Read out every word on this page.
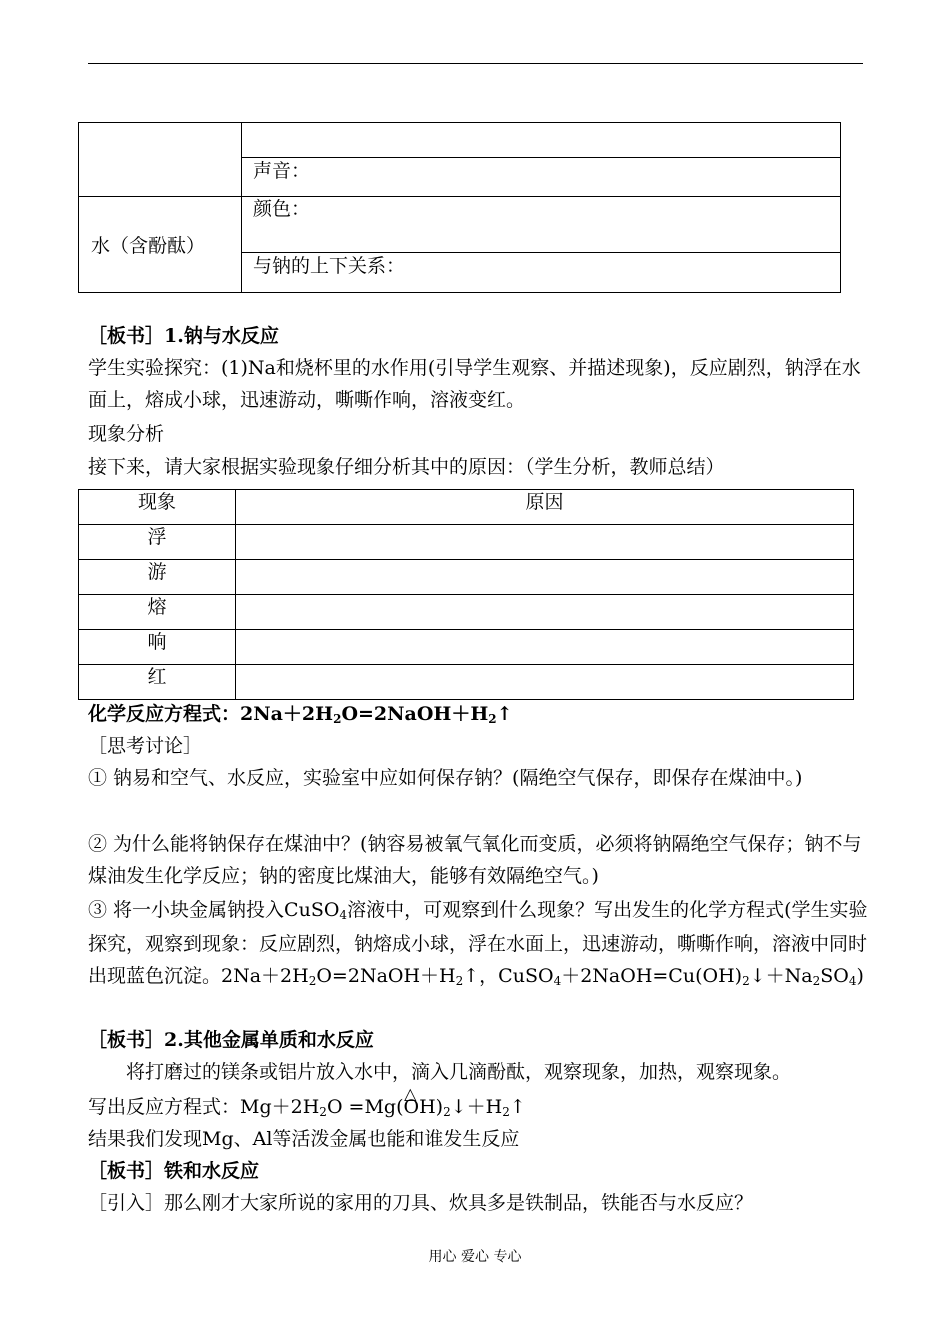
	声音：
水（含酚酞）	颜色：
	与钠的上下关系：

［板书］1.钠与水反应

学生实验探究：(1)Na和烧杯里的水作用(引导学生观察、并描述现象)，反应剧烈，钠浮在水面上，熔成小球，迅速游动，嘶嘶作响，溶液变红。

现象分析

接下来，请大家根据实验现象仔细分析其中的原因：（学生分析，教师总结）

现象	原因
浮	
游	
熔	
响	
红	

化学反应方程式：$2Na+2H_2O=2NaOH+H_2↑$

［思考讨论］

① 钠易和空气、水反应，实验室中应如何保存钠？(隔绝空气保存，即保存在煤油中。)

② 为什么能将钠保存在煤油中？(钠容易被氧气氧化而变质，必须将钠隔绝空气保存；钠不与煤油发生化学反应；钠的密度比煤油大，能够有效隔绝空气。)

③ 将一小块金属钠投入CuSO$_4$溶液中，可观察到什么现象？写出发生的化学方程式(学生实验探究，观察到现象：反应剧烈，钠熔成小球，浮在水面上，迅速游动，嘶嘶作响，溶液中同时出现蓝色沉淀。$2Na+2H_2O=2NaOH+H_2↑$，$CuSO_4+2NaOH=Cu(OH)_2↓+Na_2SO_4$)

［板书］2.其他金属单质和水反应

将打磨过的镁条或铝片放入水中，滴入几滴酚酞，观察现象，加热，观察现象。

写出反应方程式：$Mg+2H_2O$ =Mg△ $(OH)_2↓+H_2↑$

结果我们发现Mg、Al等活泼金属也能和谁发生反应

［板书］铁和水反应

［引入］那么刚才大家所说的家用的刀具、炊具多是铁制品，铁能否与水反应？

用心 爱心 专心
